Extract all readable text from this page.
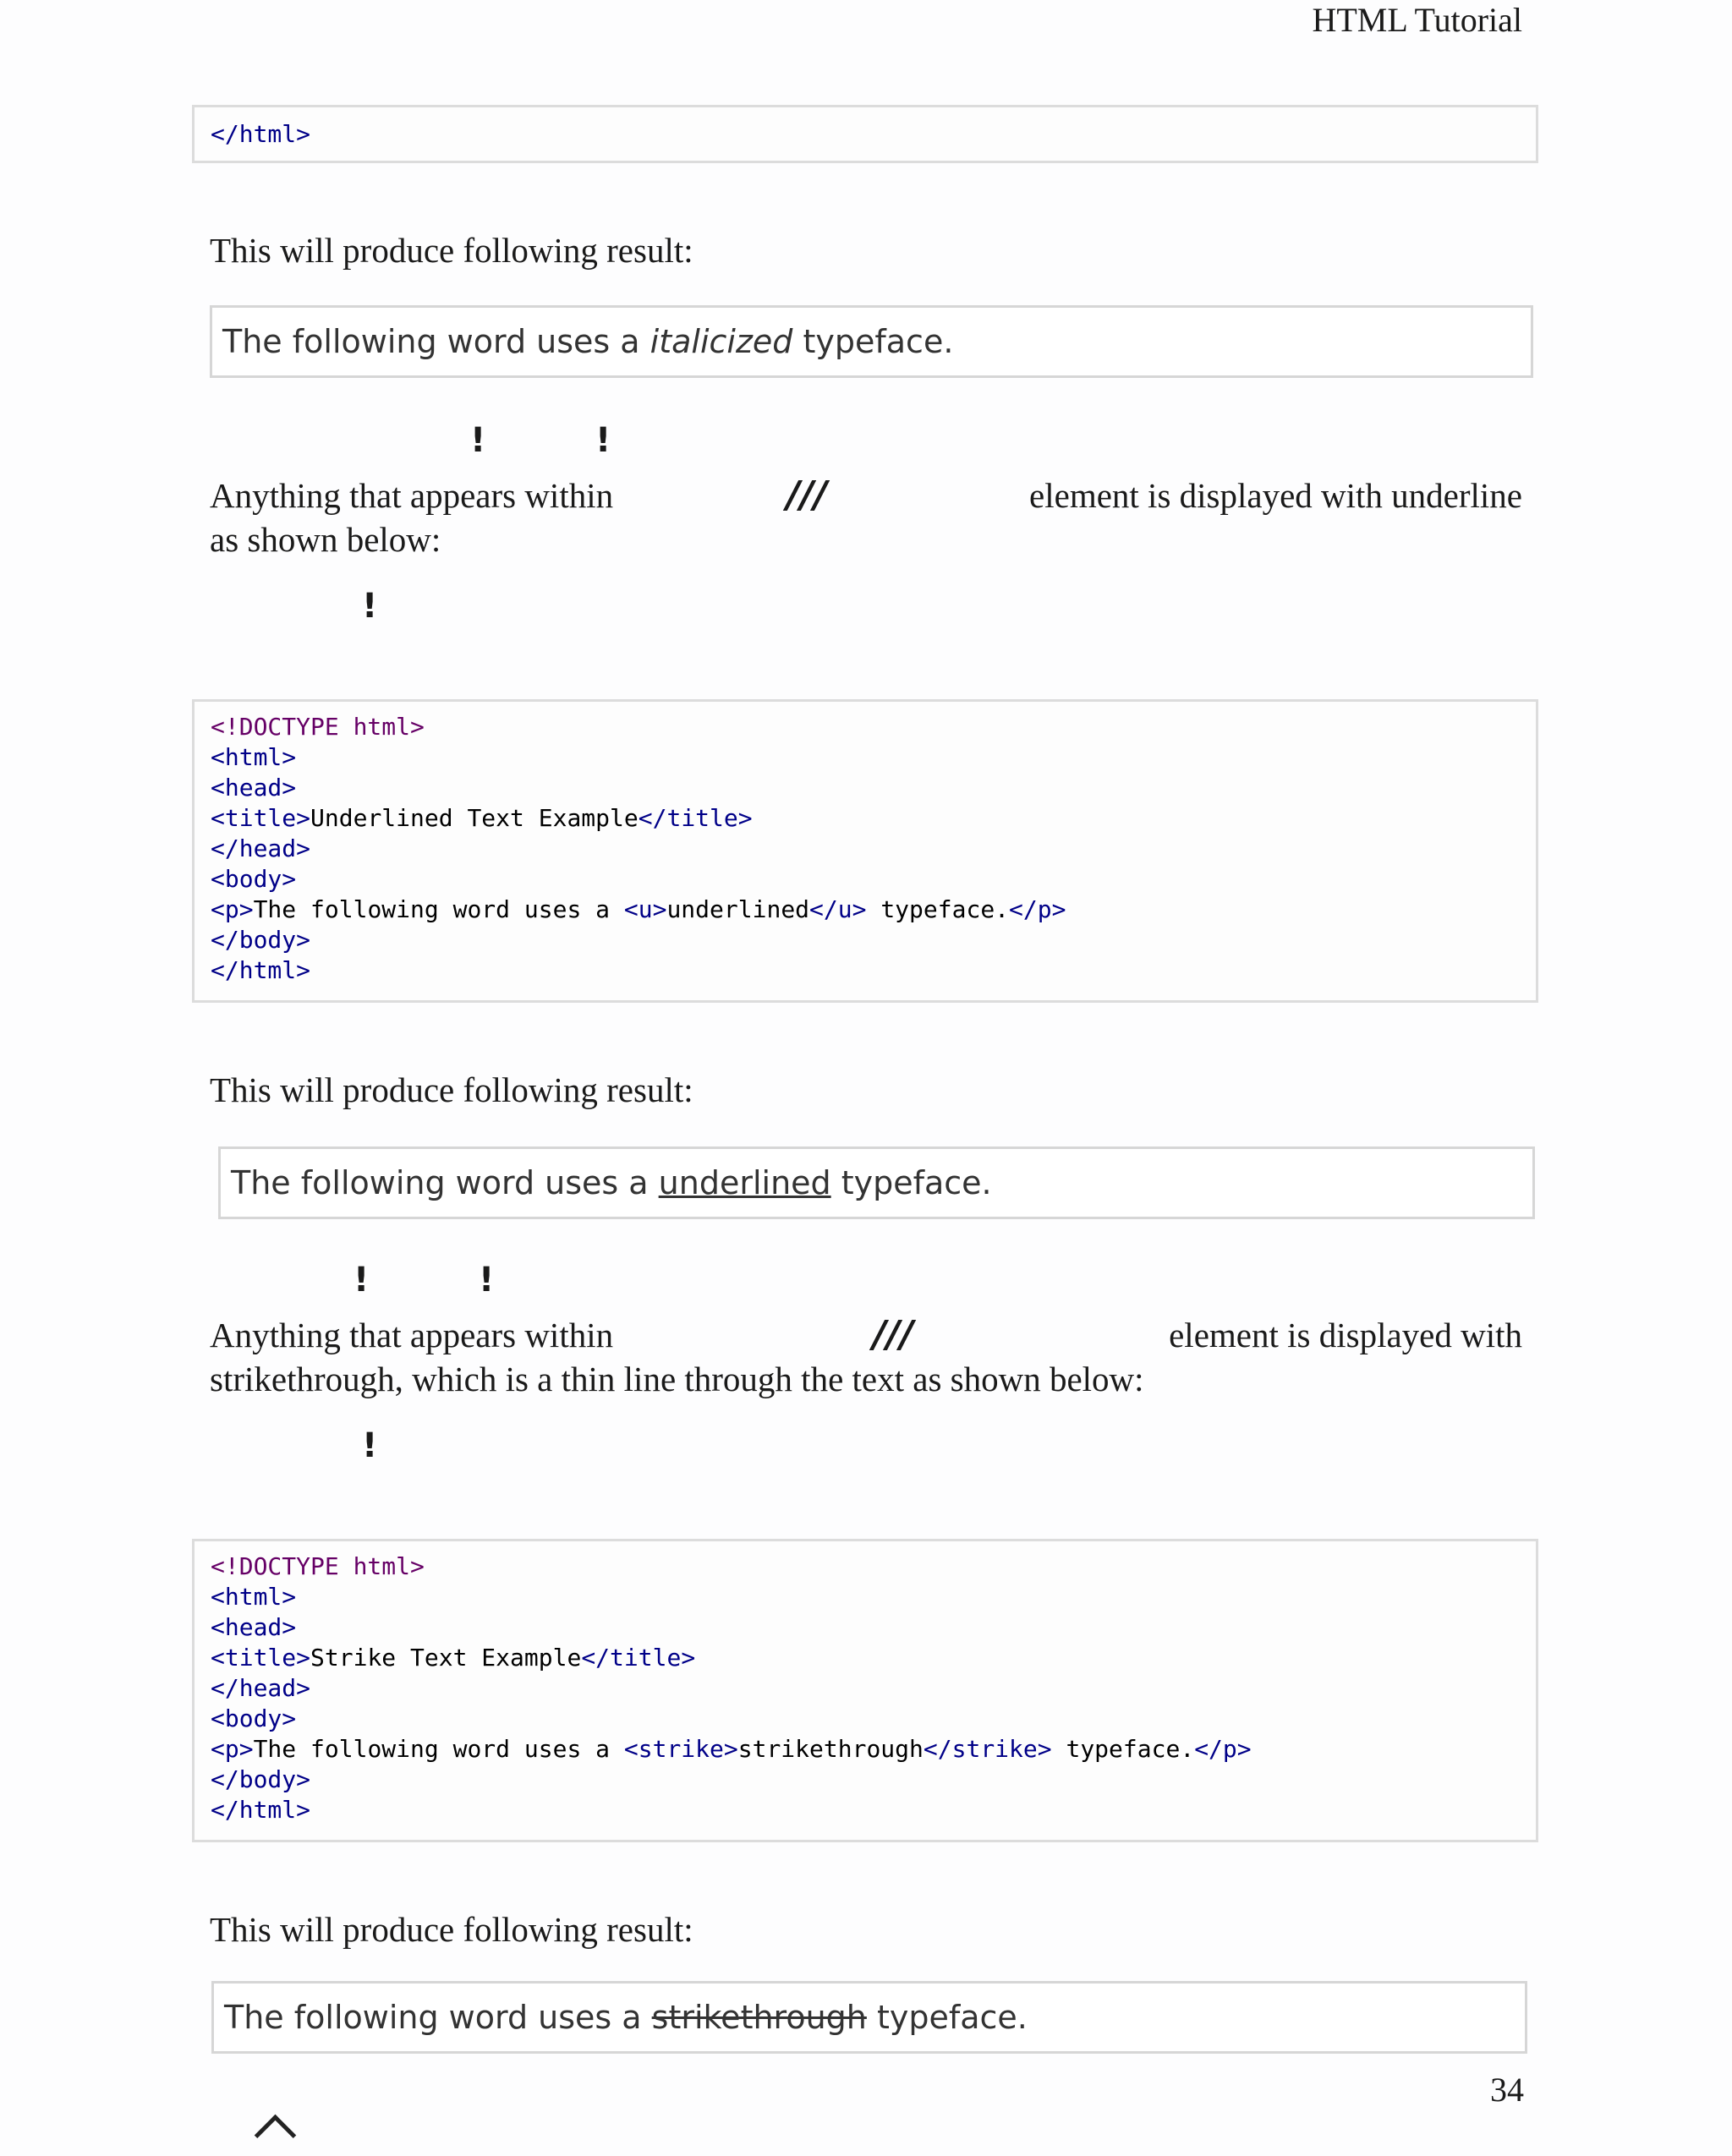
HTML Tutorial
</html>

This will produce following result:

The following word uses a italicized typeface.
!	!

Anything that appears within	///	element is displayed with underline

as shown below:

!
<!DOCTYPE html>
<html>
<head>
<title>Underlined Text Example</title>
</head>
<body>
<p>The following word uses a <u>underlined</u> typeface.</p>
</body>
</html>

This will produce following result:

The following word uses a underlined typeface.
!	!

Anything that appears within	///	element is displayed with

strikethrough, which is a thin line through the text as shown below:

!
<!DOCTYPE html>
<html>
<head>
<title>Strike Text Example</title>
</head>
<body>
<p>The following word uses a <strike>strikethrough</strike> typeface.</p>
</body>
</html>

This will produce following result:

The following word uses a strikethrough typeface.
34
